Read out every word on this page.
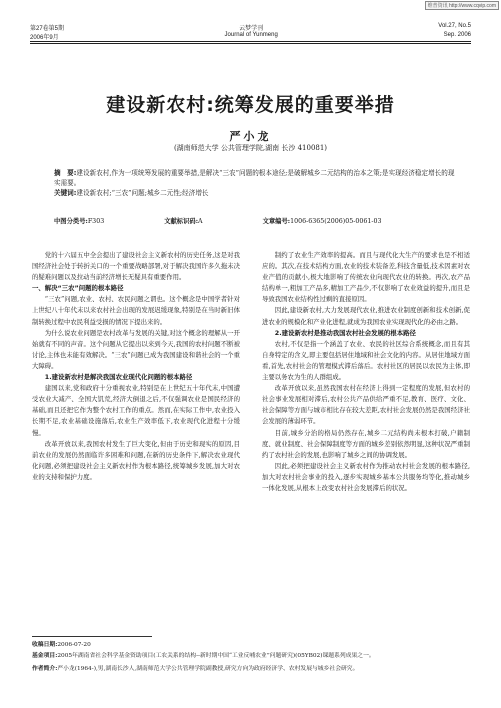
维普资讯 http://www.cqvip.com
第27卷第5期	云梦学刊	Vol.27, No.5
2006年9月	Journal of Yunmeng	Sep. 2006
建设新农村:统筹发展的重要举措
严小龙
(湖南师范大学 公共管理学院,湖南 长沙 410081)
摘　要:建设新农村,作为一项统筹发展的重要举措,是解决“三农”问题的根本途径;是破解城乡二元结构的治本之策;是实现经济稳定增长的现实需要。
关键词:建设新农村;“三农”问题;城乡二元性;经济增长
中图分类号:F303	文献标识码:A	文章编号:1006-6365(2006)05-0061-03

党的十六届五中全会提出了建设社会主义新农村的历史任务,这是对我国经济社会处于转折关口的一个重要战略部署,对于解决我国许多久拖未决的疑难问题以及拉动当前经济增长无疑具有重要作用。

一、解决“三农”问题的根本路径

“三农”问题,农业、农村、农民问题之谓也。这个概念是中国学者针对上世纪八十年代末以来农村社会出现的发展迟缓现象,特别是在当时新旧体制转换过程中农民利益受损的情况下提出来的。

为什么说农业问题是农村改革与发展的关键,对这个概念的理解从一开始就有不同的声音。这个问题从它提出以来到今天,我国的农村问题不断被讨论,主体也未能有效解决。“三农”问题已成为我国建设和谐社会的一个重大障碍。

1.建设新农村是解决我国农业现代化问题的根本路径

建国以来,党和政府十分重视农业,特别是在上世纪五十年代末,中国遭受农业大减产、全国大饥荒,经济大倒退之后,不仅强调农业是国民经济的基础,而且还把它作为整个农村工作的重点。然而,在实际工作中,农业投入长期不足,农业基础设施落后,农业生产效率低下,农业现代化进程十分缓慢。

改革开放以来,我国农村发生了巨大变化,但由于历史和现实的原因,目前农业的发展仍然面临许多困难和问题,在新的历史条件下,解决农业现代化问题,必须把建设社会主义新农村作为根本路径,统筹城乡发展,加大对农业的支持和保护力度。

制约了农业生产效率的提高。而且与现代化大生产的要求也是不相适应的。其次,在技术结构方面,农业的技术装备差,科技含量低,技术因素对农业产值的贡献小,极大地影响了传统农业向现代农业的转换。再次,农产品结构单一,粗加工产品多,精加工产品少,不仅影响了农业效益的提升,而且是导致我国农业结构性过剩的直接原因。

因此,建设新农村,大力发展现代农业,推进农业制度创新和技术创新,促进农业的规模化和产业化进程,就成为我国农业实现现代化的必由之路。

2.建设新农村是推动我国农村社会发展的根本路径

农村,不仅是指一个涵盖了农业、农民的社区综合系统概念,而且有其自身特定的含义,即主要包括居住地域和社会文化的内容。从居住地域方面看,首先,农村社会的管理模式滞后落后。农村社区的居民以农民为主体,即主要以务农为生的人群组成。

改革开放以来,虽然我国农村在经济上得到一定程度的发展,但农村的社会事业发展相对滞后,农村公共产品供给严重不足,教育、医疗、文化、社会保障等方面与城市相比存在较大差距,农村社会发展仍然是我国经济社会发展的薄弱环节。

目前,城乡分治的格局仍然存在,城乡二元结构尚未根本打破,户籍制度、就业制度、社会保障制度等方面的城乡差别依然明显,这种状况严重制约了农村社会的发展,也影响了城乡之间的协调发展。

因此,必须把建设社会主义新农村作为推动农村社会发展的根本路径,加大对农村社会事业的投入,逐步实现城乡基本公共服务均等化,推动城乡一体化发展,从根本上改变农村社会发展滞后的状况。

收稿日期:2006-07-20
基金项目:2005年湖南省社会科学基金资助项目(工农关系的结构--新时期中国“工业反哺农业”问题研究)(05YB02)课题系列成果之一。
作者简介:严小龙(1964-),男,湖南长沙人,湖南师范大学公共管理学院副教授,研究方向为政府经济学、农村发展与城乡社会研究。
